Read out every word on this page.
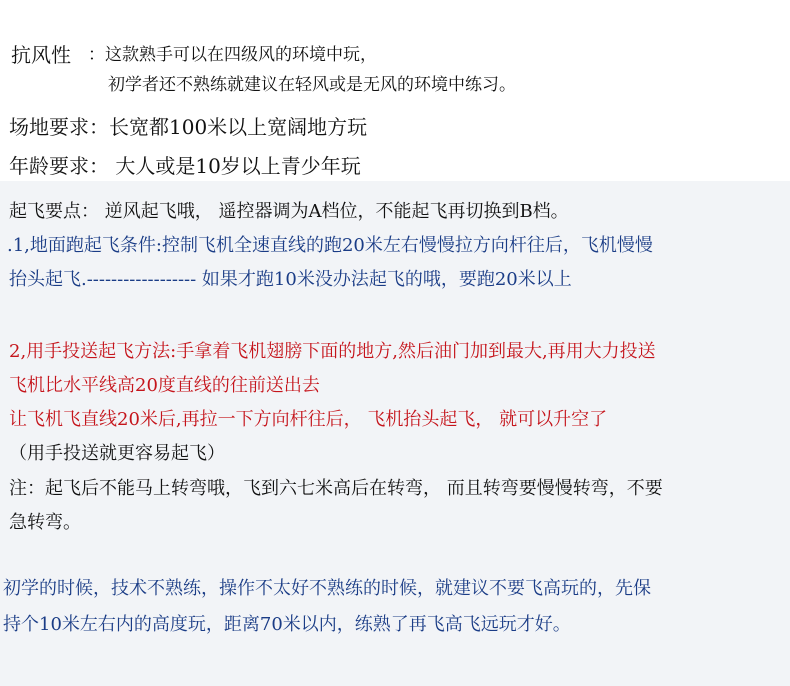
抗风性 ：这款熟手可以在四级风的环境中玩，
初学者还不熟练就建议在轻风或是无风的环境中练习。
场地要求：长宽都100米以上宽阔地方玩
年龄要求： 大人或是10岁以上青少年玩
起飞要点： 逆风起飞哦， 遥控器调为A档位，不能起飞再切换到B档。
.1,地面跑起飞条件:控制飞机全速直线的跑20米左右慢慢拉方向杆往后，飞机慢慢
抬头起飞.------------------ 如果才跑10米没办法起飞的哦，要跑20米以上
2,用手投送起飞方法:手拿着飞机翅膀下面的地方,然后油门加到最大,再用大力投送
飞机比水平线高20度直线的往前送出去
让飞机飞直线20米后,再拉一下方向杆往后， 飞机抬头起飞， 就可以升空了
（用手投送就更容易起飞）
注：起飞后不能马上转弯哦，飞到六七米高后在转弯， 而且转弯要慢慢转弯，不要
急转弯。
初学的时候，技术不熟练，操作不太好不熟练的时候，就建议不要飞高玩的，先保
持个10米左右内的高度玩，距离70米以内，练熟了再飞高飞远玩才好。
